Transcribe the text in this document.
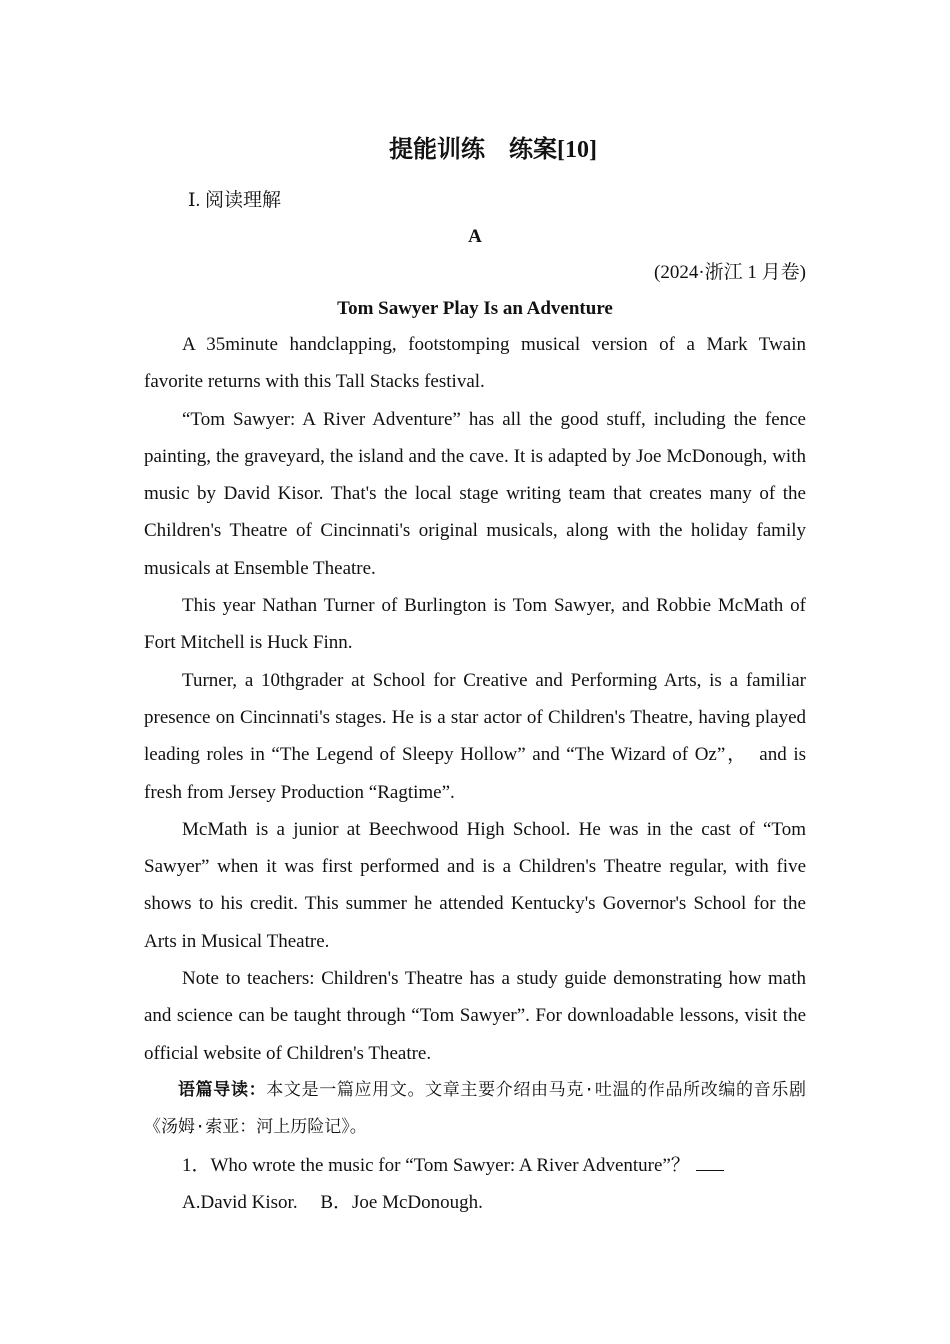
提能训练　练案[10]
Ⅰ. 阅读理解
A
(2024·浙江 1 月卷)
Tom Sawyer Play Is an Adventure

A 35minute handclapping, footstomping musical version of a Mark Twain favorite returns with this Tall Stacks festival.

“Tom Sawyer: A River Adventure” has all the good stuff, including the fence painting, the graveyard, the island and the cave. It is adapted by Joe McDonough, with music by David Kisor. That's the local stage writing team that creates many of the Children's Theatre of Cincinnati's original musicals, along with the holiday family musicals at Ensemble Theatre.

This year Nathan Turner of Burlington is Tom Sawyer, and Robbie McMath of Fort Mitchell is Huck Finn.

Turner, a 10thgrader at School for Creative and Performing Arts, is a familiar presence on Cincinnati's stages. He is a star actor of Children's Theatre, having played leading roles in “The Legend of Sleepy Hollow” and “The Wizard of Oz”，　and is fresh from Jersey Production “Ragtime”.

McMath is a junior at Beechwood High School. He was in the cast of “Tom Sawyer” when it was first performed and is a Children's Theatre regular, with five shows to his credit. This summer he attended Kentucky's Governor's School for the Arts in Musical Theatre.

Note to teachers: Children's Theatre has a study guide demonstrating how math and science can be taught through “Tom Sawyer”. For downloadable lessons, visit the official website of Children's Theatre.

语篇导读：本文是一篇应用文。文章主要介绍由马克·吐温的作品所改编的音乐剧《汤姆·索亚：河上历险记》。

1．Who wrote the music for “Tom Sawyer: A River Adventure”？

A.David Kisor. B．Joe McDonough.
